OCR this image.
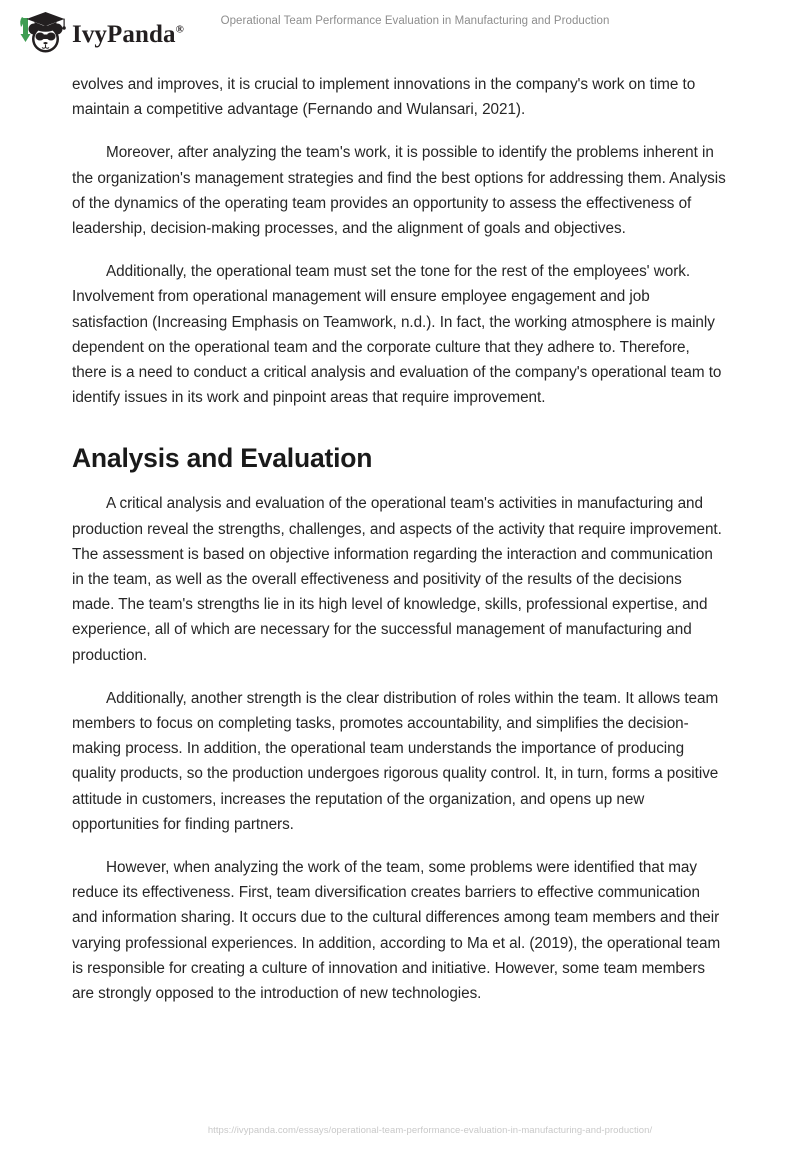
IvyPanda®
Operational Team Performance Evaluation in Manufacturing and Production

evolves and improves, it is crucial to implement innovations in the company's work on time to maintain a competitive advantage (Fernando and Wulansari, 2021).

Moreover, after analyzing the team's work, it is possible to identify the problems inherent in the organization's management strategies and find the best options for addressing them. Analysis of the dynamics of the operating team provides an opportunity to assess the effectiveness of leadership, decision-making processes, and the alignment of goals and objectives.

Additionally, the operational team must set the tone for the rest of the employees' work. Involvement from operational management will ensure employee engagement and job satisfaction (Increasing Emphasis on Teamwork, n.d.). In fact, the working atmosphere is mainly dependent on the operational team and the corporate culture that they adhere to. Therefore, there is a need to conduct a critical analysis and evaluation of the company's operational team to identify issues in its work and pinpoint areas that require improvement.

Analysis and Evaluation

A critical analysis and evaluation of the operational team's activities in manufacturing and production reveal the strengths, challenges, and aspects of the activity that require improvement. The assessment is based on objective information regarding the interaction and communication in the team, as well as the overall effectiveness and positivity of the results of the decisions made. The team's strengths lie in its high level of knowledge, skills, professional expertise, and experience, all of which are necessary for the successful management of manufacturing and production.

Additionally, another strength is the clear distribution of roles within the team. It allows team members to focus on completing tasks, promotes accountability, and simplifies the decision-making process. In addition, the operational team understands the importance of producing quality products, so the production undergoes rigorous quality control. It, in turn, forms a positive attitude in customers, increases the reputation of the organization, and opens up new opportunities for finding partners.

However, when analyzing the work of the team, some problems were identified that may reduce its effectiveness. First, team diversification creates barriers to effective communication and information sharing. It occurs due to the cultural differences among team members and their varying professional experiences. In addition, according to Ma et al. (2019), the operational team is responsible for creating a culture of innovation and initiative. However, some team members are strongly opposed to the introduction of new technologies.

https://ivypanda.com/essays/operational-team-performance-evaluation-in-manufacturing-and-production/
